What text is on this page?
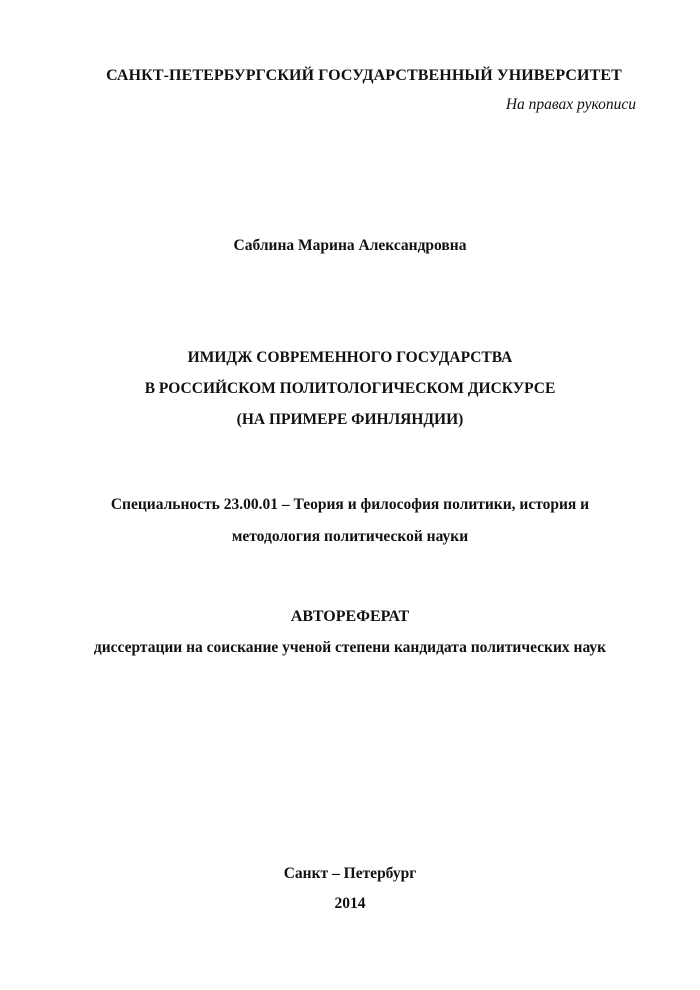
САНКТ-ПЕТЕРБУРГСКИЙ ГОСУДАРСТВЕННЫЙ УНИВЕРСИТЕТ
На правах рукописи
Саблина Марина Александровна
ИМИДЖ СОВРЕМЕННОГО ГОСУДАРСТВА
В РОССИЙСКОМ ПОЛИТОЛОГИЧЕСКОМ ДИСКУРСЕ
(НА ПРИМЕРЕ ФИНЛЯНДИИ)
Специальность 23.00.01 – Теория и философия политики, история и
методология политической науки
АВТОРЕФЕРАТ
диссертации на соискание ученой степени кандидата политических наук
Санкт – Петербург
2014
